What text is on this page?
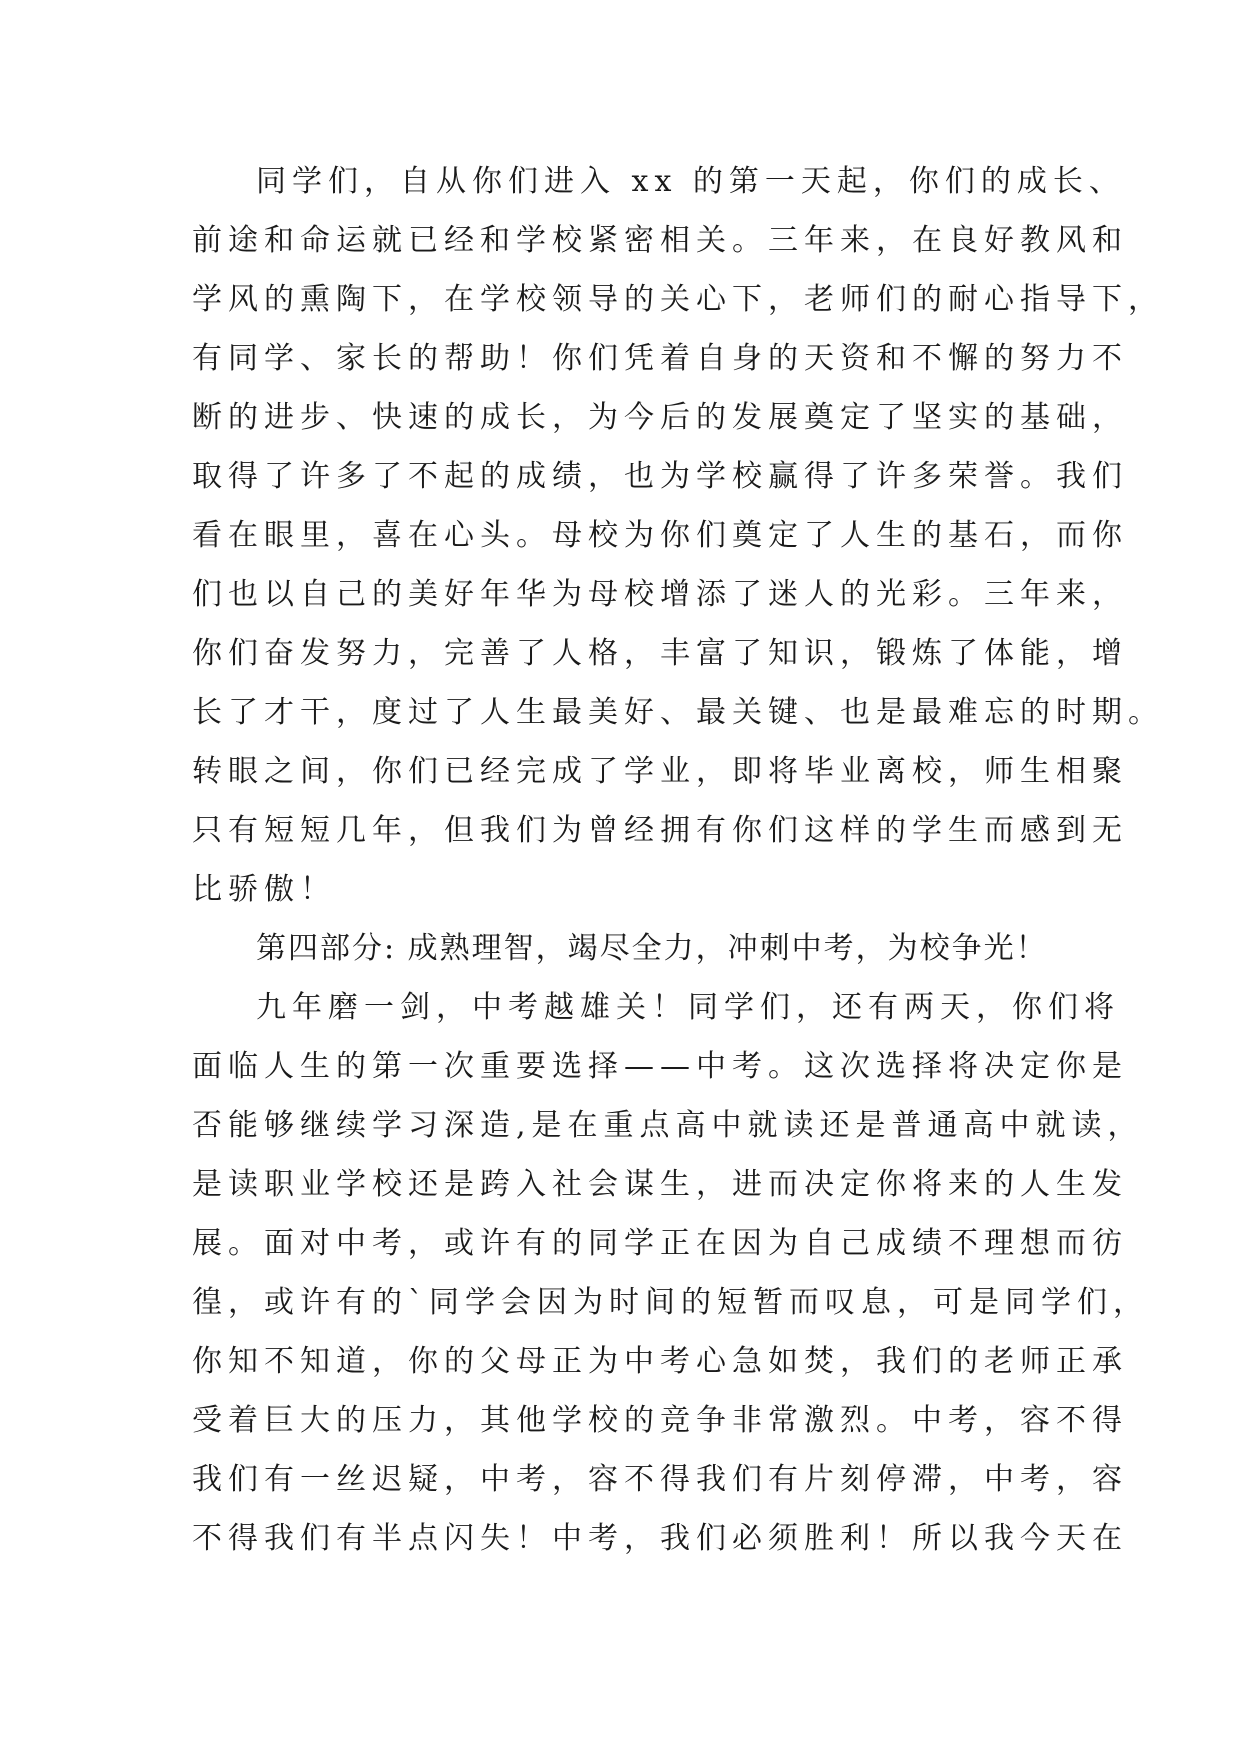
同学们，自从你们进入 xx 的第一天起，你们的成长、
前途和命运就已经和学校紧密相关。三年来，在良好教风和
学风的熏陶下，在学校领导的关心下，老师们的耐心指导下，
有同学、家长的帮助！你们凭着自身的天资和不懈的努力不
断的进步、快速的成长，为今后的发展奠定了坚实的基础，
取得了许多了不起的成绩，也为学校赢得了许多荣誉。我们
看在眼里，喜在心头。母校为你们奠定了人生的基石，而你
们也以自己的美好年华为母校增添了迷人的光彩。三年来，
你们奋发努力，完善了人格，丰富了知识，锻炼了体能，增
长了才干，度过了人生最美好、最关键、也是最难忘的时期。
转眼之间，你们已经完成了学业，即将毕业离校，师生相聚
只有短短几年，但我们为曾经拥有你们这样的学生而感到无
比骄傲！
第四部分: 成熟理智，竭尽全力，冲刺中考，为校争光！
九年磨一剑，中考越雄关！同学们，还有两天，你们将
面临人生的第一次重要选择——中考。这次选择将决定你是
否能够继续学习深造,是在重点高中就读还是普通高中就读，
是读职业学校还是跨入社会谋生，进而决定你将来的人生发
展。面对中考，或许有的同学正在因为自己成绩不理想而彷
徨，或许有的`同学会因为时间的短暂而叹息，可是同学们，
你知不知道，你的父母正为中考心急如焚，我们的老师正承
受着巨大的压力，其他学校的竞争非常激烈。中考，容不得
我们有一丝迟疑，中考，容不得我们有片刻停滞，中考，容
不得我们有半点闪失！中考，我们必须胜利！所以我今天在
